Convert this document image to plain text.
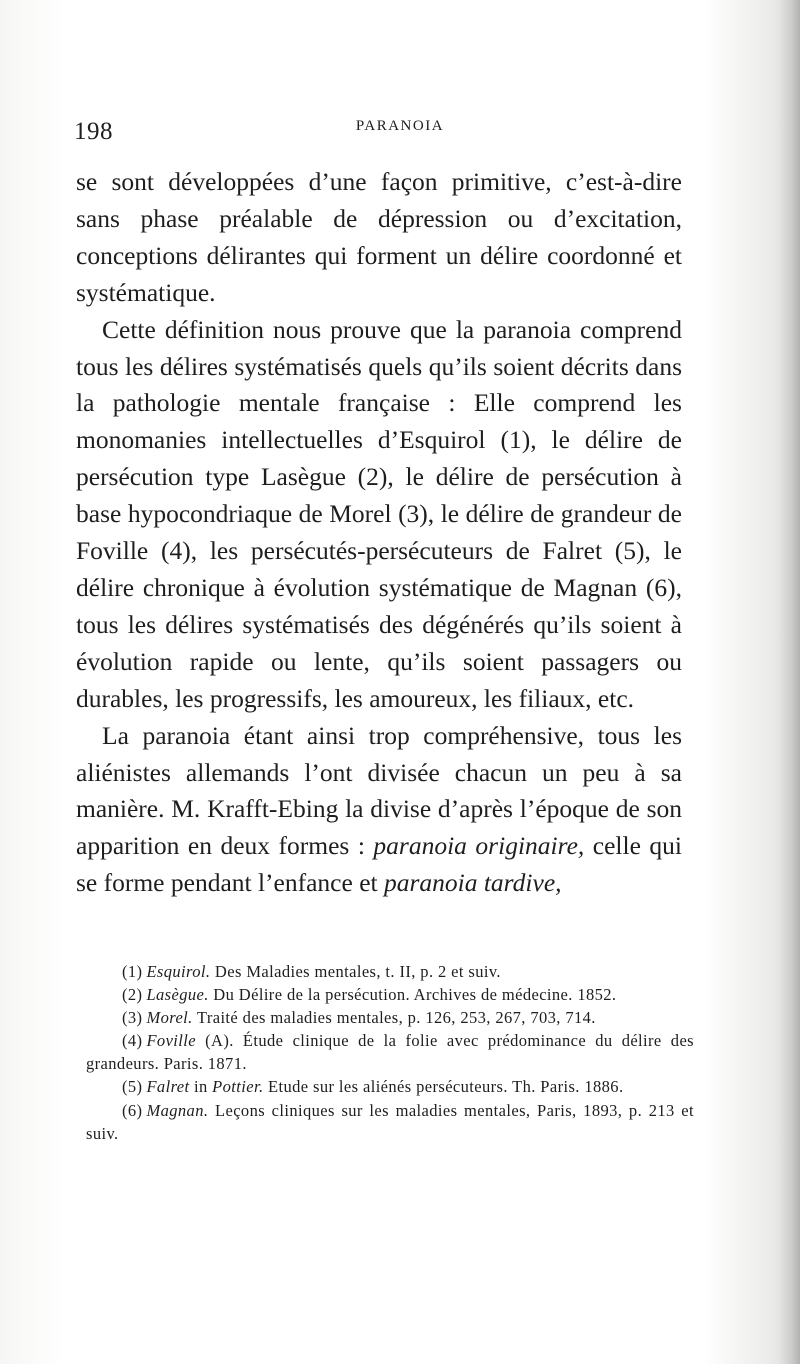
198	PARANOIA

se sont développées d’une façon primitive, c’est-à-dire sans phase préalable de dépression ou d’excitation, conceptions délirantes qui forment un délire coordonné et systématique.

Cette définition nous prouve que la paranoia comprend tous les délires systématisés quels qu’ils soient décrits dans la pathologie mentale française : Elle comprend les monomanies intellectuelles d’Esquirol (1), le délire de persécution type Lasègue (2), le délire de persécution à base hypocondriaque de Morel (3), le délire de grandeur de Foville (4), les persécutés-persécuteurs de Falret (5), le délire chronique à évolution systématique de Magnan (6), tous les délires systématisés des dégénérés qu’ils soient à évolution rapide ou lente, qu’ils soient passagers ou durables, les progressifs, les amoureux, les filiaux, etc.

La paranoia étant ainsi trop compréhensive, tous les aliénistes allemands l’ont divisée chacun un peu à sa manière. M. Krafft-Ebing la divise d’après l’époque de son apparition en deux formes : paranoia originaire, celle qui se forme pendant l’enfance et paranoia tardive,

(1) Esquirol. Des Maladies mentales, t. II, p. 2 et suiv.

(2) Lasègue. Du Délire de la persécution. Archives de médecine. 1852.

(3) Morel. Traité des maladies mentales, p. 126, 253, 267, 703, 714.

(4) Foville (A). Étude clinique de la folie avec prédominance du délire des grandeurs. Paris. 1871.

(5) Falret in Pottier. Etude sur les aliénés persécuteurs. Th. Paris. 1886.

(6) Magnan. Leçons cliniques sur les maladies mentales, Paris, 1893, p. 213 et suiv.
